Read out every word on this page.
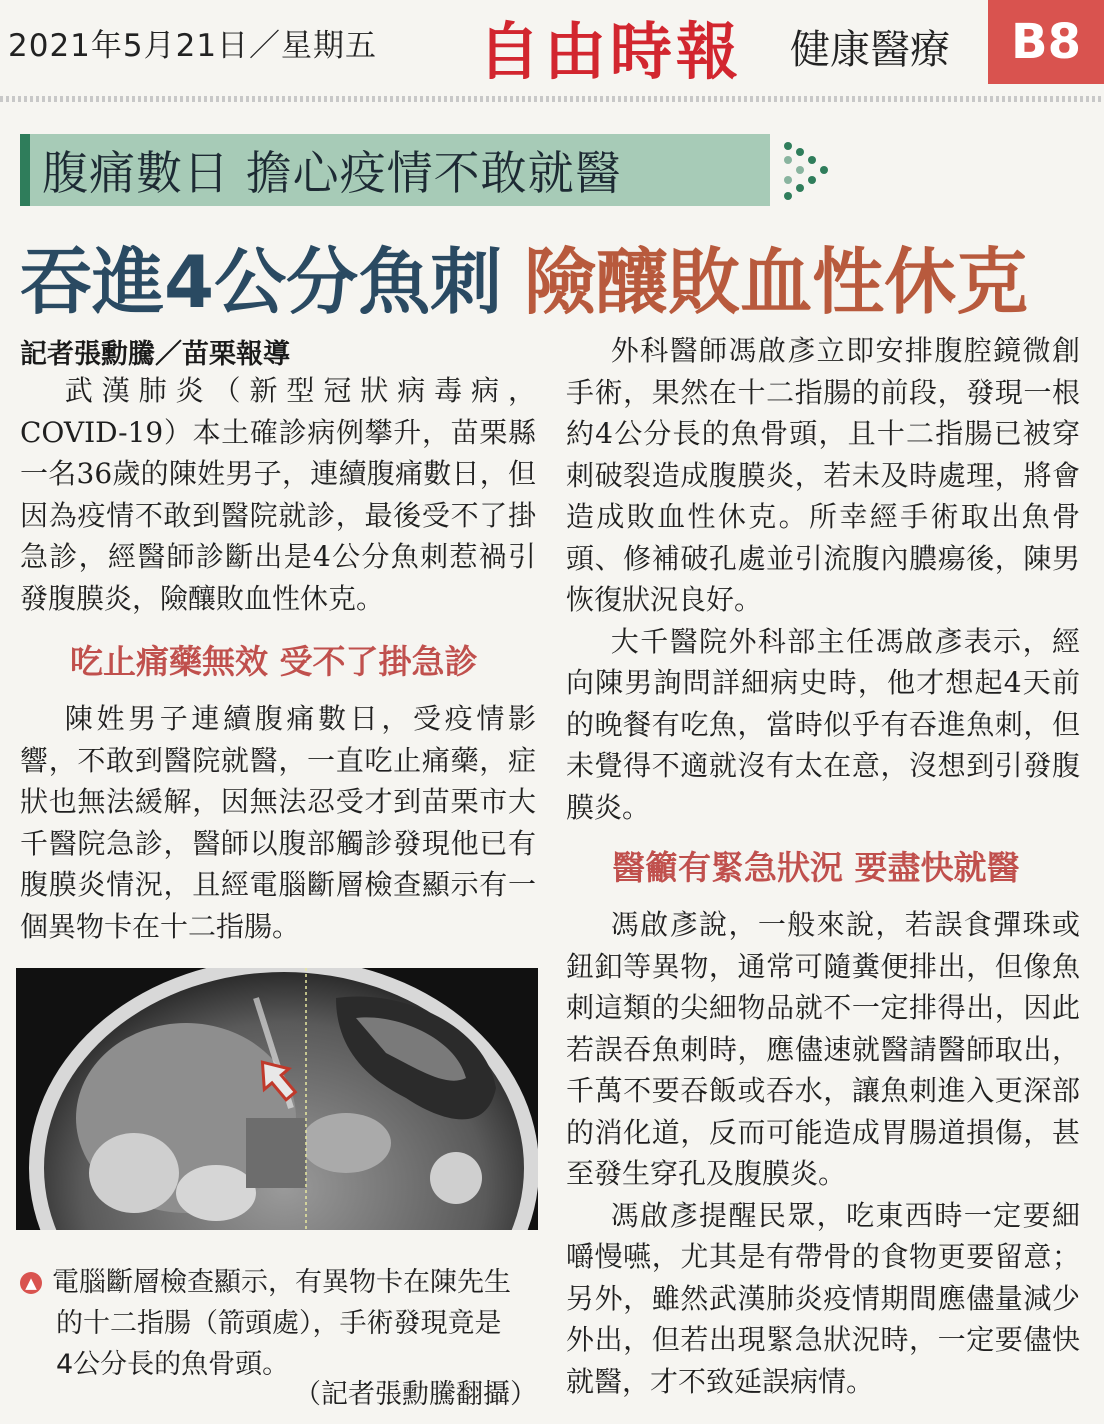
2021年5月21日／星期五 自由時報 健康醫療	B8
腹痛數日 擔心疫情不敢就醫
吞進4公分魚刺 險釀敗血性休克
記者張勳騰／苗栗報導

武漢肺炎（新型冠狀病毒病，COVID-19）本土確診病例攀升，苗栗縣一名36歲的陳姓男子，連續腹痛數日，但因為疫情不敢到醫院就診，最後受不了掛急診，經醫師診斷出是4公分魚刺惹禍引發腹膜炎，險釀敗血性休克。

吃止痛藥無效 受不了掛急診

陳姓男子連續腹痛數日，受疫情影響，不敢到醫院就醫，一直吃止痛藥，症狀也無法緩解，因無法忍受才到苗栗市大千醫院急診，醫師以腹部觸診發現他已有腹膜炎情況，且經電腦斷層檢查顯示有一個異物卡在十二指腸。

▲ 電腦斷層檢查顯示，有異物卡在陳先生
的十二指腸（箭頭處），手術發現竟是
4公分長的魚骨頭。
（記者張勳騰翻攝）

外科醫師馮啟彥立即安排腹腔鏡微創手術，果然在十二指腸的前段，發現一根約4公分長的魚骨頭，且十二指腸已被穿刺破裂造成腹膜炎，若未及時處理，將會造成敗血性休克。所幸經手術取出魚骨頭、修補破孔處並引流腹內膿瘍後，陳男恢復狀況良好。

大千醫院外科部主任馮啟彥表示，經向陳男詢問詳細病史時，他才想起4天前的晚餐有吃魚，當時似乎有吞進魚刺，但未覺得不適就沒有太在意，沒想到引發腹膜炎。

醫籲有緊急狀況 要盡快就醫

馮啟彥說，一般來說，若誤食彈珠或鈕釦等異物，通常可隨糞便排出，但像魚刺這類的尖細物品就不一定排得出，因此若誤吞魚刺時，應儘速就醫請醫師取出，千萬不要吞飯或吞水，讓魚刺進入更深部的消化道，反而可能造成胃腸道損傷，甚至發生穿孔及腹膜炎。

馮啟彥提醒民眾，吃東西時一定要細嚼慢嚥，尤其是有帶骨的食物更要留意；另外，雖然武漢肺炎疫情期間應儘量減少外出，但若出現緊急狀況時，一定要儘快就醫，才不致延誤病情。
